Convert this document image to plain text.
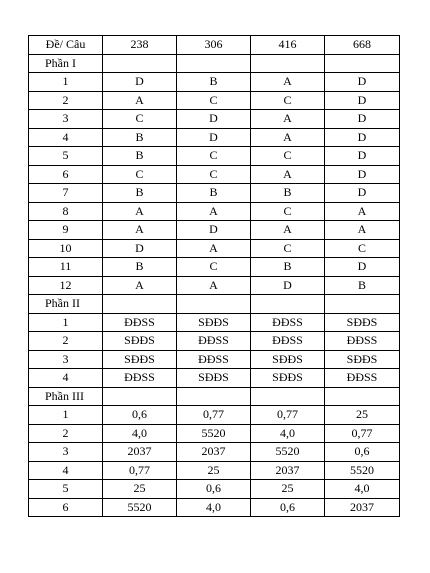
Đề/ Câu	238	306	416	668
Phần I				
1	D	B	A	D
2	A	C	C	D
3	C	D	A	D
4	B	D	A	D
5	B	C	C	D
6	C	C	A	D
7	B	B	B	D
8	A	A	C	A
9	A	D	A	A
10	D	A	C	C
11	B	C	B	D
12	A	A	D	B
Phần II				
1	ĐĐSS	SĐĐS	ĐĐSS	SĐĐS
2	SĐĐS	ĐĐSS	ĐĐSS	ĐĐSS
3	SĐĐS	ĐĐSS	SĐĐS	SĐĐS
4	ĐĐSS	SĐĐS	SĐĐS	ĐĐSS
Phần III				
1	0,6	0,77	0,77	25
2	4,0	5520	4,0	0,77
3	2037	2037	5520	0,6
4	0,77	25	2037	5520
5	25	0,6	25	4,0
6	5520	4,0	0,6	2037
